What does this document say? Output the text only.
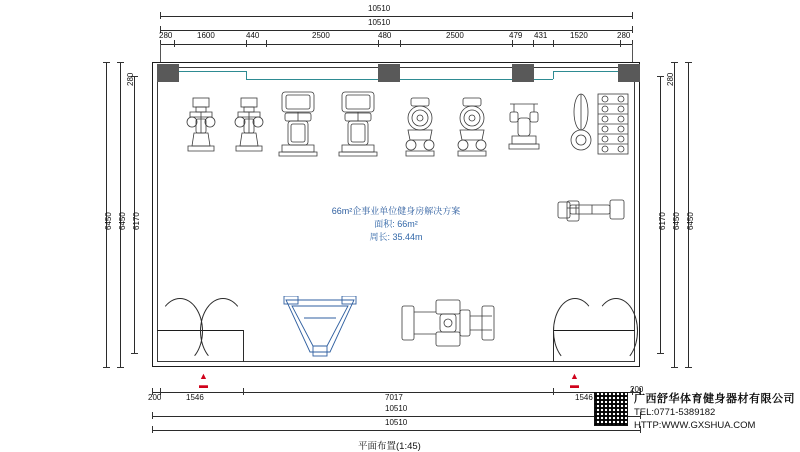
10510
10510
280	1600	440	2500	480	2500	479 431	1520	280
6450 6450 6170
280
6170 6450 6450
280
66m²企事业单位健身房解决方案
面积: 66m²
周长: 35.44m
200	1546	7017	1546
200
10510
10510
▲
▬
▲
▬
平面布置(1:45)
广西舒华体育健身器材有限公司
TEL:0771-5389182
HTTP:WWW.GXSHUA.COM
